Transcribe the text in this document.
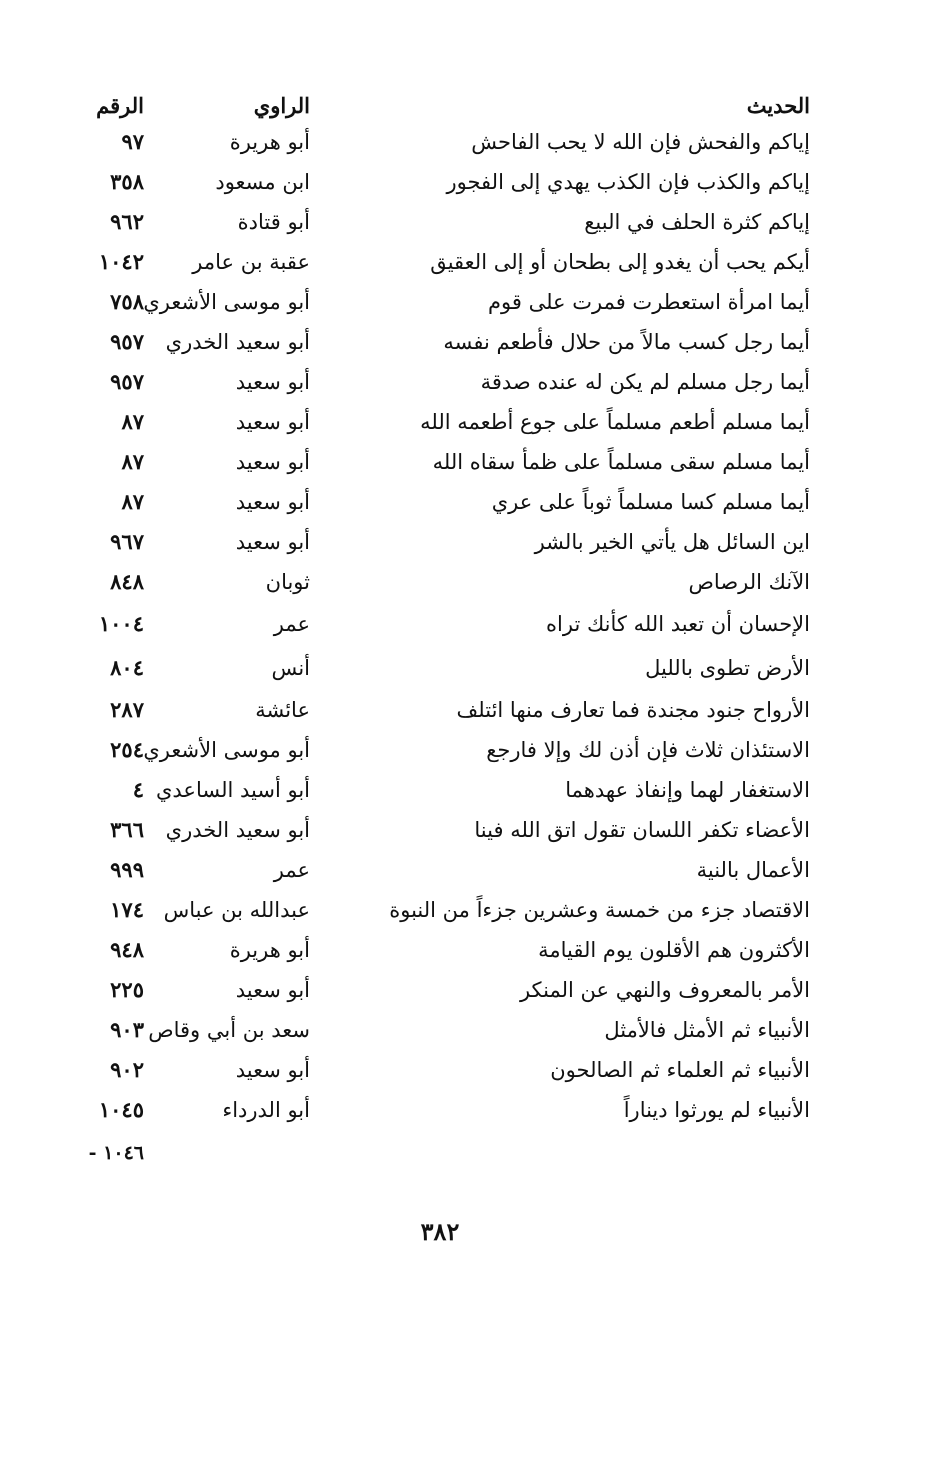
الحديث
الراوي
الرقم
إياكم والفحش فإن الله لا يحب الفاحش
أبو هريرة
٩٧
إياكم والكذب فإن الكذب يهدي إلى الفجور
ابن مسعود
٣٥٨
إياكم كثرة الحلف في البيع
أبو قتادة
٩٦٢
أيكم يحب أن يغدو إلى بطحان أو إلى العقيق
عقبة بن عامر
١٠٤٢
أيما امرأة استعطرت فمرت على قوم
أبو موسى الأشعري
٧٥٨
أيما رجل كسب مالاً من حلال فأطعم نفسه
أبو سعيد الخدري
٩٥٧
أيما رجل مسلم لم يكن له عنده صدقة
أبو سعيد
٩٥٧
أيما مسلم أطعم مسلماً على جوع أطعمه الله
أبو سعيد
٨٧
أيما مسلم سقى مسلماً على ظمأ سقاه الله
أبو سعيد
٨٧
أيما مسلم كسا مسلماً ثوباً على عري
أبو سعيد
٨٧
اين السائل هل يأتي الخير بالشر
أبو سعيد
٩٦٧
الآنك الرصاص
ثوبان
٨٤٨
الإحسان أن تعبد الله كأنك تراه
عمر
١٠٠٤
الأرض تطوى بالليل
أنس
٨٠٤
الأرواح جنود مجندة فما تعارف منها ائتلف
عائشة
٢٨٧
الاستئذان ثلاث فإن أذن لك وإلا فارجع
أبو موسى الأشعري
٢٥٤
الاستغفار لهما وإنفاذ عهدهما
أبو أسيد الساعدي
٤
الأعضاء تكفر اللسان تقول اتق الله فينا
أبو سعيد الخدري
٣٦٦
الأعمال بالنية
عمر
٩٩٩
الاقتصاد جزء من خمسة وعشرين جزءاً من النبوة
عبدالله بن عباس
١٧٤
الأكثرون هم الأقلون يوم القيامة
أبو هريرة
٩٤٨
الأمر بالمعروف والنهي عن المنكر
أبو سعيد
٢٢٥
الأنبياء ثم الأمثل فالأمثل
سعد بن أبي وقاص
٩٠٣
الأنبياء ثم العلماء ثم الصالحون
أبو سعيد
٩٠٢
الأنبياء لم يورثوا ديناراً
أبو الدرداء
١٠٤٥
١٠٤٦ -
٣٨٢
